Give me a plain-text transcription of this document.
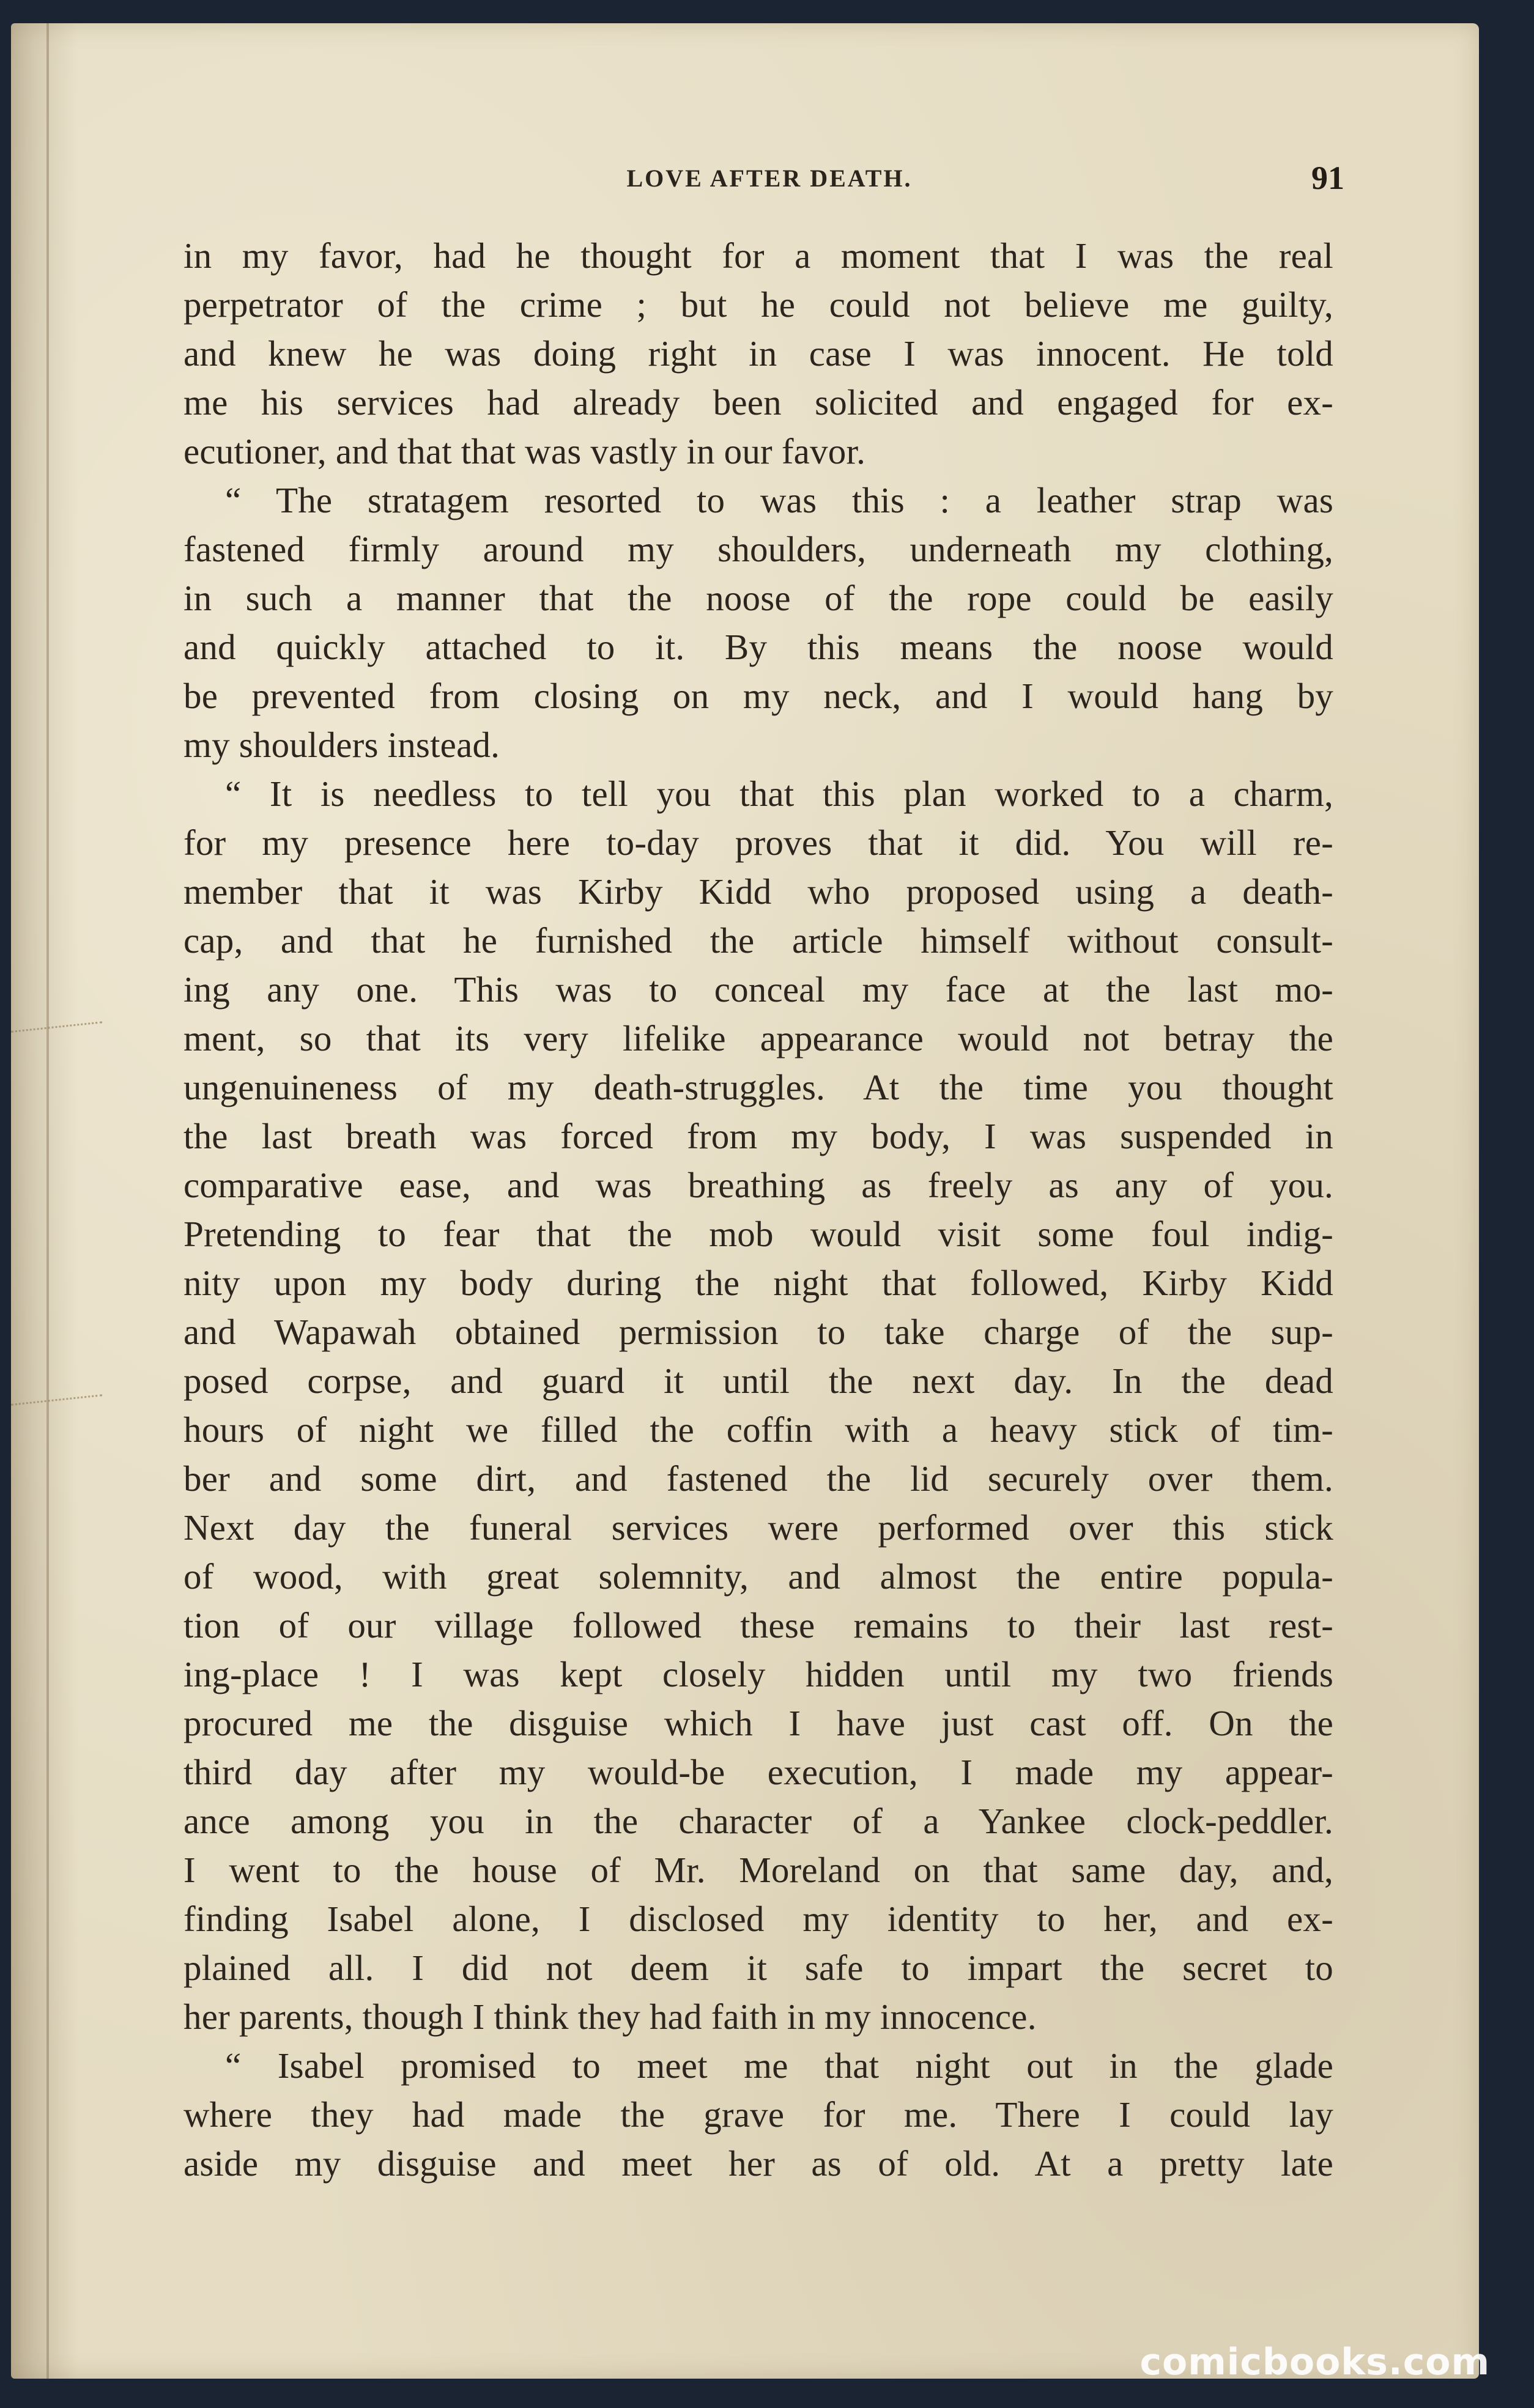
LOVE AFTER DEATH.	91
in my favor, had he thought for a moment that I was the real
perpetrator of the crime ; but he could not believe me guilty,
and knew he was doing right in case I was innocent. He told
me his services had already been solicited and engaged for ex-
ecutioner, and that that was vastly in our favor.
“ The stratagem resorted to was this : a leather strap was
fastened firmly around my shoulders, underneath my clothing,
in such a manner that the noose of the rope could be easily
and quickly attached to it. By this means the noose would
be prevented from closing on my neck, and I would hang by
my shoulders instead.
“ It is needless to tell you that this plan worked to a charm,
for my presence here to-day proves that it did. You will re-
member that it was Kirby Kidd who proposed using a death-
cap, and that he furnished the article himself without consult-
ing any one. This was to conceal my face at the last mo-
ment, so that its very lifelike appearance would not betray the
ungenuineness of my death-struggles. At the time you thought
the last breath was forced from my body, I was suspended in
comparative ease, and was breathing as freely as any of you.
Pretending to fear that the mob would visit some foul indig-
nity upon my body during the night that followed, Kirby Kidd
and Wapawah obtained permission to take charge of the sup-
posed corpse, and guard it until the next day. In the dead
hours of night we filled the coffin with a heavy stick of tim-
ber and some dirt, and fastened the lid securely over them.
Next day the funeral services were performed over this stick
of wood, with great solemnity, and almost the entire popula-
tion of our village followed these remains to their last rest-
ing-place ! I was kept closely hidden until my two friends
procured me the disguise which I have just cast off. On the
third day after my would-be execution, I made my appear-
ance among you in the character of a Yankee clock-peddler.
I went to the house of Mr. Moreland on that same day, and,
finding Isabel alone, I disclosed my identity to her, and ex-
plained all. I did not deem it safe to impart the secret to
her parents, though I think they had faith in my innocence.
“ Isabel promised to meet me that night out in the glade
where they had made the grave for me. There I could lay
aside my disguise and meet her as of old. At a pretty late
comicbooks.com
